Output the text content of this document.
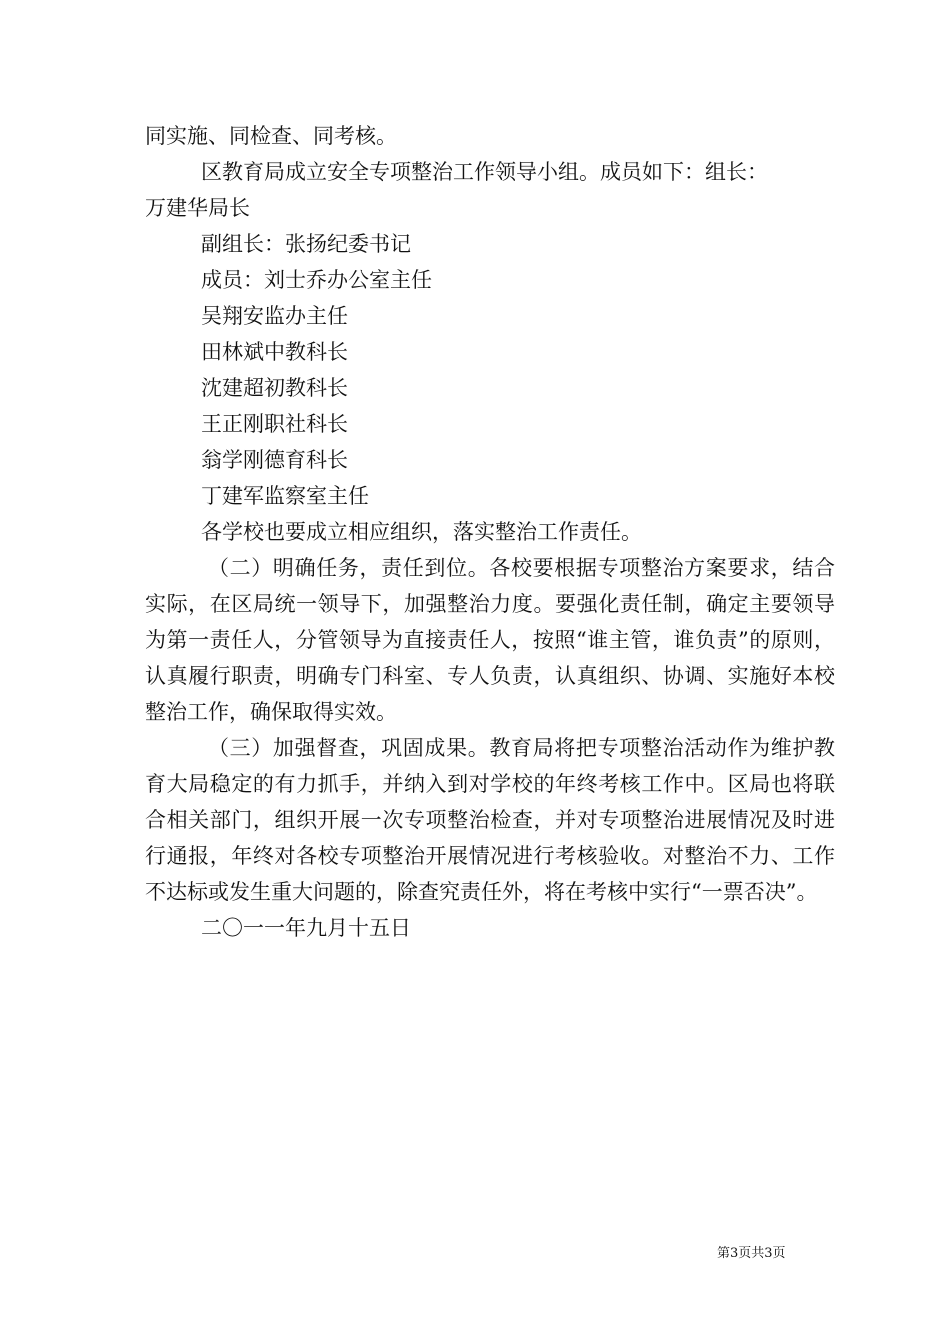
同实施、同检查、同考核。
区教育局成立安全专项整治工作领导小组。成员如下：组长：
万建华局长
副组长：张扬纪委书记
成员：刘士乔办公室主任
吴翔安监办主任
田林斌中教科长
沈建超初教科长
王正刚职社科长
翁学刚德育科长
丁建军监察室主任
各学校也要成立相应组织，落实整治工作责任。
（二）明确任务，责任到位。各校要根据专项整治方案要求，结合实际，在区局统一领导下，加强整治力度。要强化责任制，确定主要领导为第一责任人，分管领导为直接责任人，按照“谁主管，谁负责”的原则，认真履行职责，明确专门科室、专人负责，认真组织、协调、实施好本校整治工作，确保取得实效。
（三）加强督查，巩固成果。教育局将把专项整治活动作为维护教育大局稳定的有力抓手，并纳入到对学校的年终考核工作中。区局也将联合相关部门，组织开展一次专项整治检查，并对专项整治进展情况及时进行通报，年终对各校专项整治开展情况进行考核验收。对整治不力、工作不达标或发生重大问题的，除查究责任外，将在考核中实行“一票否决”。
二〇一一年九月十五日
第3页共3页
